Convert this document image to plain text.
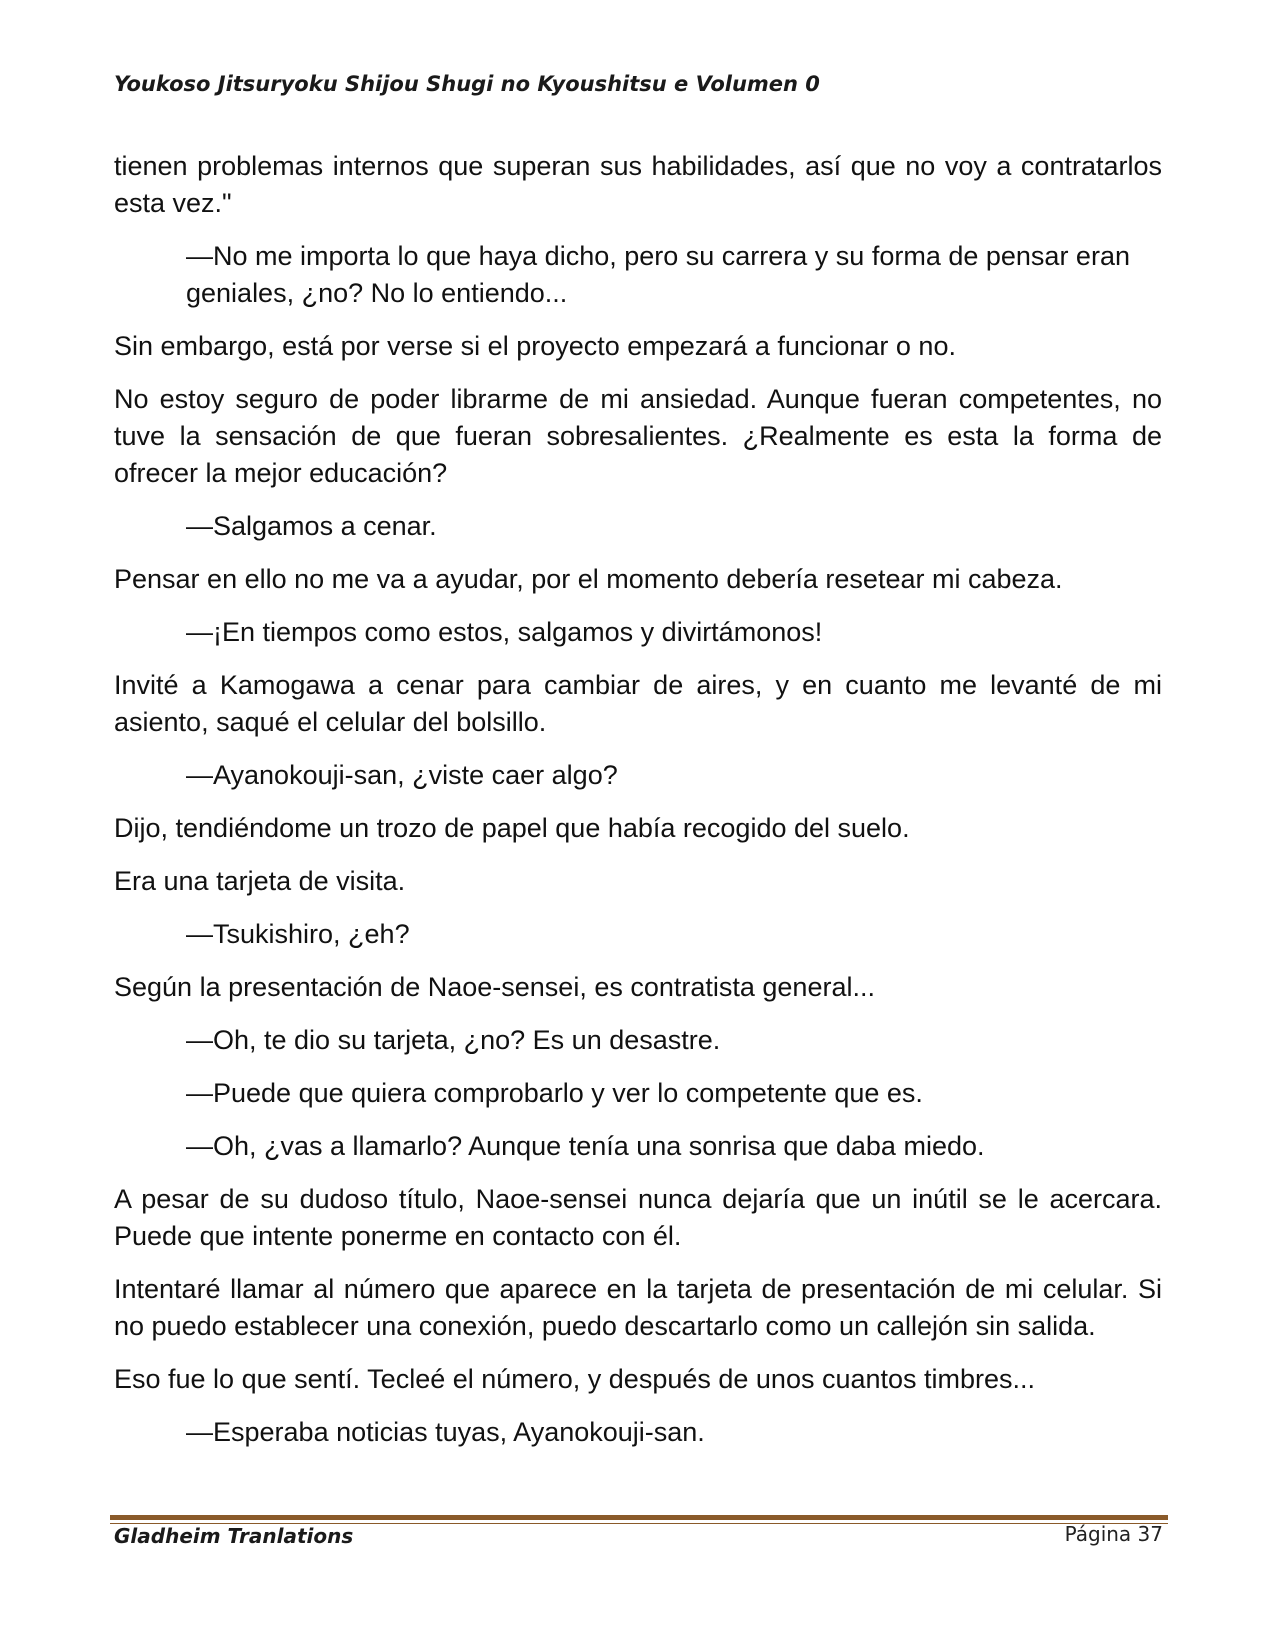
Youkoso Jitsuryoku Shijou Shugi no Kyoushitsu e Volumen 0

tienen problemas internos que superan sus habilidades, así que no voy a contratarlos esta vez."

—No me importa lo que haya dicho, pero su carrera y su forma de pensar eran geniales, ¿no? No lo entiendo...

Sin embargo, está por verse si el proyecto empezará a funcionar o no.

No estoy seguro de poder librarme de mi ansiedad. Aunque fueran competentes, no tuve la sensación de que fueran sobresalientes. ¿Realmente es esta la forma de ofrecer la mejor educación?

—Salgamos a cenar.

Pensar en ello no me va a ayudar, por el momento debería resetear mi cabeza.

—¡En tiempos como estos, salgamos y divirtámonos!

Invité a Kamogawa a cenar para cambiar de aires, y en cuanto me levanté de mi asiento, saqué el celular del bolsillo.

—Ayanokouji-san, ¿viste caer algo?

Dijo, tendiéndome un trozo de papel que había recogido del suelo.

Era una tarjeta de visita.

—Tsukishiro, ¿eh?

Según la presentación de Naoe-sensei, es contratista general...

—Oh, te dio su tarjeta, ¿no? Es un desastre.

—Puede que quiera comprobarlo y ver lo competente que es.

—Oh, ¿vas a llamarlo? Aunque tenía una sonrisa que daba miedo.

A pesar de su dudoso título, Naoe-sensei nunca dejaría que un inútil se le acercara. Puede que intente ponerme en contacto con él.

Intentaré llamar al número que aparece en la tarjeta de presentación de mi celular. Si no puedo establecer una conexión, puedo descartarlo como un callejón sin salida.

Eso fue lo que sentí. Tecleé el número, y después de unos cuantos timbres...

—Esperaba noticias tuyas, Ayanokouji-san.

Gladheim Tranlations	Página 37
